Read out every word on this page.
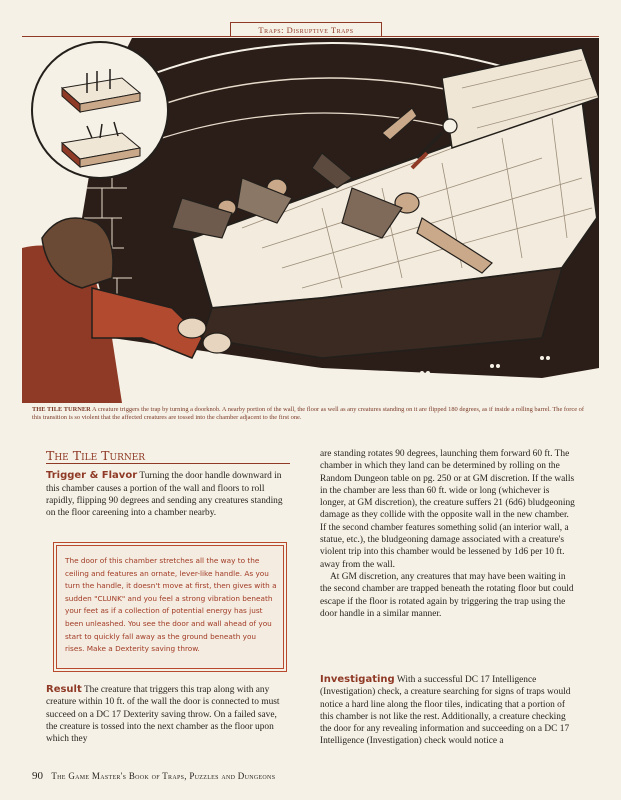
Traps: Disruptive Traps
THE TILE TURNER A creature triggers the trap by turning a doorknob. A nearby portion of the wall, the floor as well as any creatures standing on it are flipped 180 degrees, as if inside a rolling barrel. The force of this transition is so violent that the affected creatures are tossed into the chamber adjacent to the first one.
The Tile Turner

Trigger & Flavor Turning the door handle downward in this chamber causes a portion of the wall and floors to roll rapidly, flipping 90 degrees and sending any creatures standing on the floor careening into a chamber nearby.

The door of this chamber stretches all the way to the ceiling and features an ornate, lever-like handle. As you turn the handle, it doesn't move at first, then gives with a sudden "CLUNK" and you feel a strong vibration beneath your feet as if a collection of potential energy has just been unleashed. You see the door and wall ahead of you start to quickly fall away as the ground beneath you rises. Make a Dexterity saving throw.

Result The creature that triggers this trap along with any creature within 10 ft. of the wall the door is connected to must succeed on a DC 17 Dexterity saving throw. On a failed save, the creature is tossed into the next chamber as the floor upon which they

are standing rotates 90 degrees, launching them forward 60 ft. The chamber in which they land can be determined by rolling on the Random Dungeon table on pg. 250 or at GM discretion. If the walls in the chamber are less than 60 ft. wide or long (whichever is longer, at GM discretion), the creature suffers 21 (6d6) bludgeoning damage as they collide with the opposite wall in the new chamber. If the second chamber features something solid (an interior wall, a statue, etc.), the bludgeoning damage associated with a creature's violent trip into this chamber would be lessened by 1d6 per 10 ft. away from the wall.

At GM discretion, any creatures that may have been waiting in the second chamber are trapped beneath the rotating floor but could escape if the floor is rotated again by triggering the trap using the door handle in a similar manner.

Investigating With a successful DC 17 Intelligence (Investigation) check, a creature searching for signs of traps would notice a hard line along the floor tiles, indicating that a portion of this chamber is not like the rest. Additionally, a creature checking the door for any revealing information and succeeding on a DC 17 Intelligence (Investigation) check would notice a

90 The Game Master's Book of Traps, Puzzles and Dungeons
